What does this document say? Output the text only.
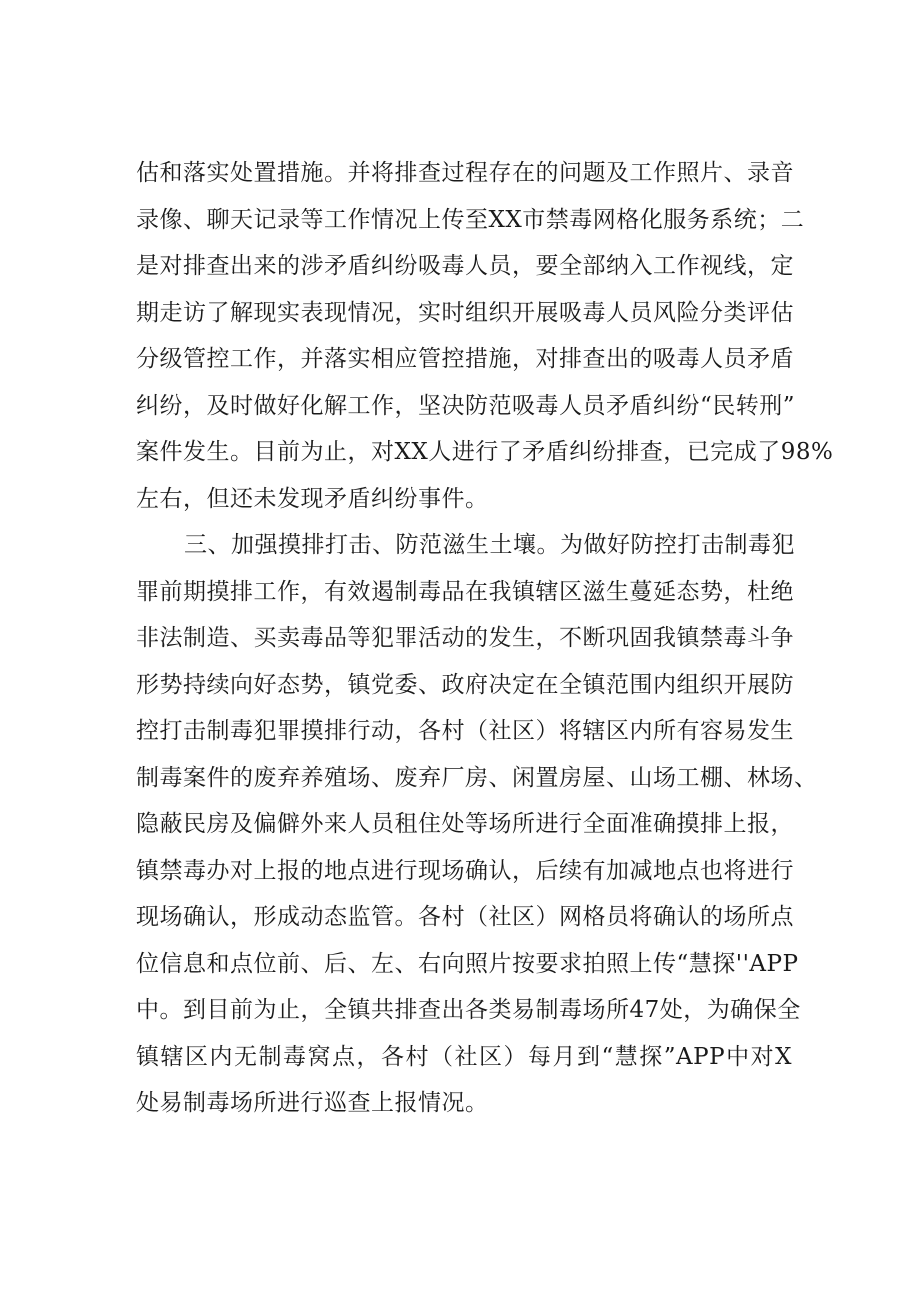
估和落实处置措施。并将排查过程存在的问题及工作照片、录音
录像、聊天记录等工作情况上传至XX市禁毒网格化服务系统；二
是对排查出来的涉矛盾纠纷吸毒人员，要全部纳入工作视线，定
期走访了解现实表现情况，实时组织开展吸毒人员风险分类评估
分级管控工作，并落实相应管控措施，对排查出的吸毒人员矛盾
纠纷，及时做好化解工作，坚决防范吸毒人员矛盾纠纷“民转刑”
案件发生。目前为止，对XX人进行了矛盾纠纷排查，已完成了98%
左右，但还未发现矛盾纠纷事件。
三、加强摸排打击、防范滋生土壤。为做好防控打击制毒犯
罪前期摸排工作，有效遏制毒品在我镇辖区滋生蔓延态势，杜绝
非法制造、买卖毒品等犯罪活动的发生，不断巩固我镇禁毒斗争
形势持续向好态势，镇党委、政府决定在全镇范围内组织开展防
控打击制毒犯罪摸排行动，各村（社区）将辖区内所有容易发生
制毒案件的废弃养殖场、废弃厂房、闲置房屋、山场工棚、林场、
隐蔽民房及偏僻外来人员租住处等场所进行全面准确摸排上报，
镇禁毒办对上报的地点进行现场确认，后续有加减地点也将进行
现场确认，形成动态监管。各村（社区）网格员将确认的场所点
位信息和点位前、后、左、右向照片按要求拍照上传“慧探''APP
中。到目前为止，全镇共排查出各类易制毒场所47处，为确保全
镇辖区内无制毒窝点，各村（社区）每月到“慧探”APP中对X
处易制毒场所进行巡查上报情况。
